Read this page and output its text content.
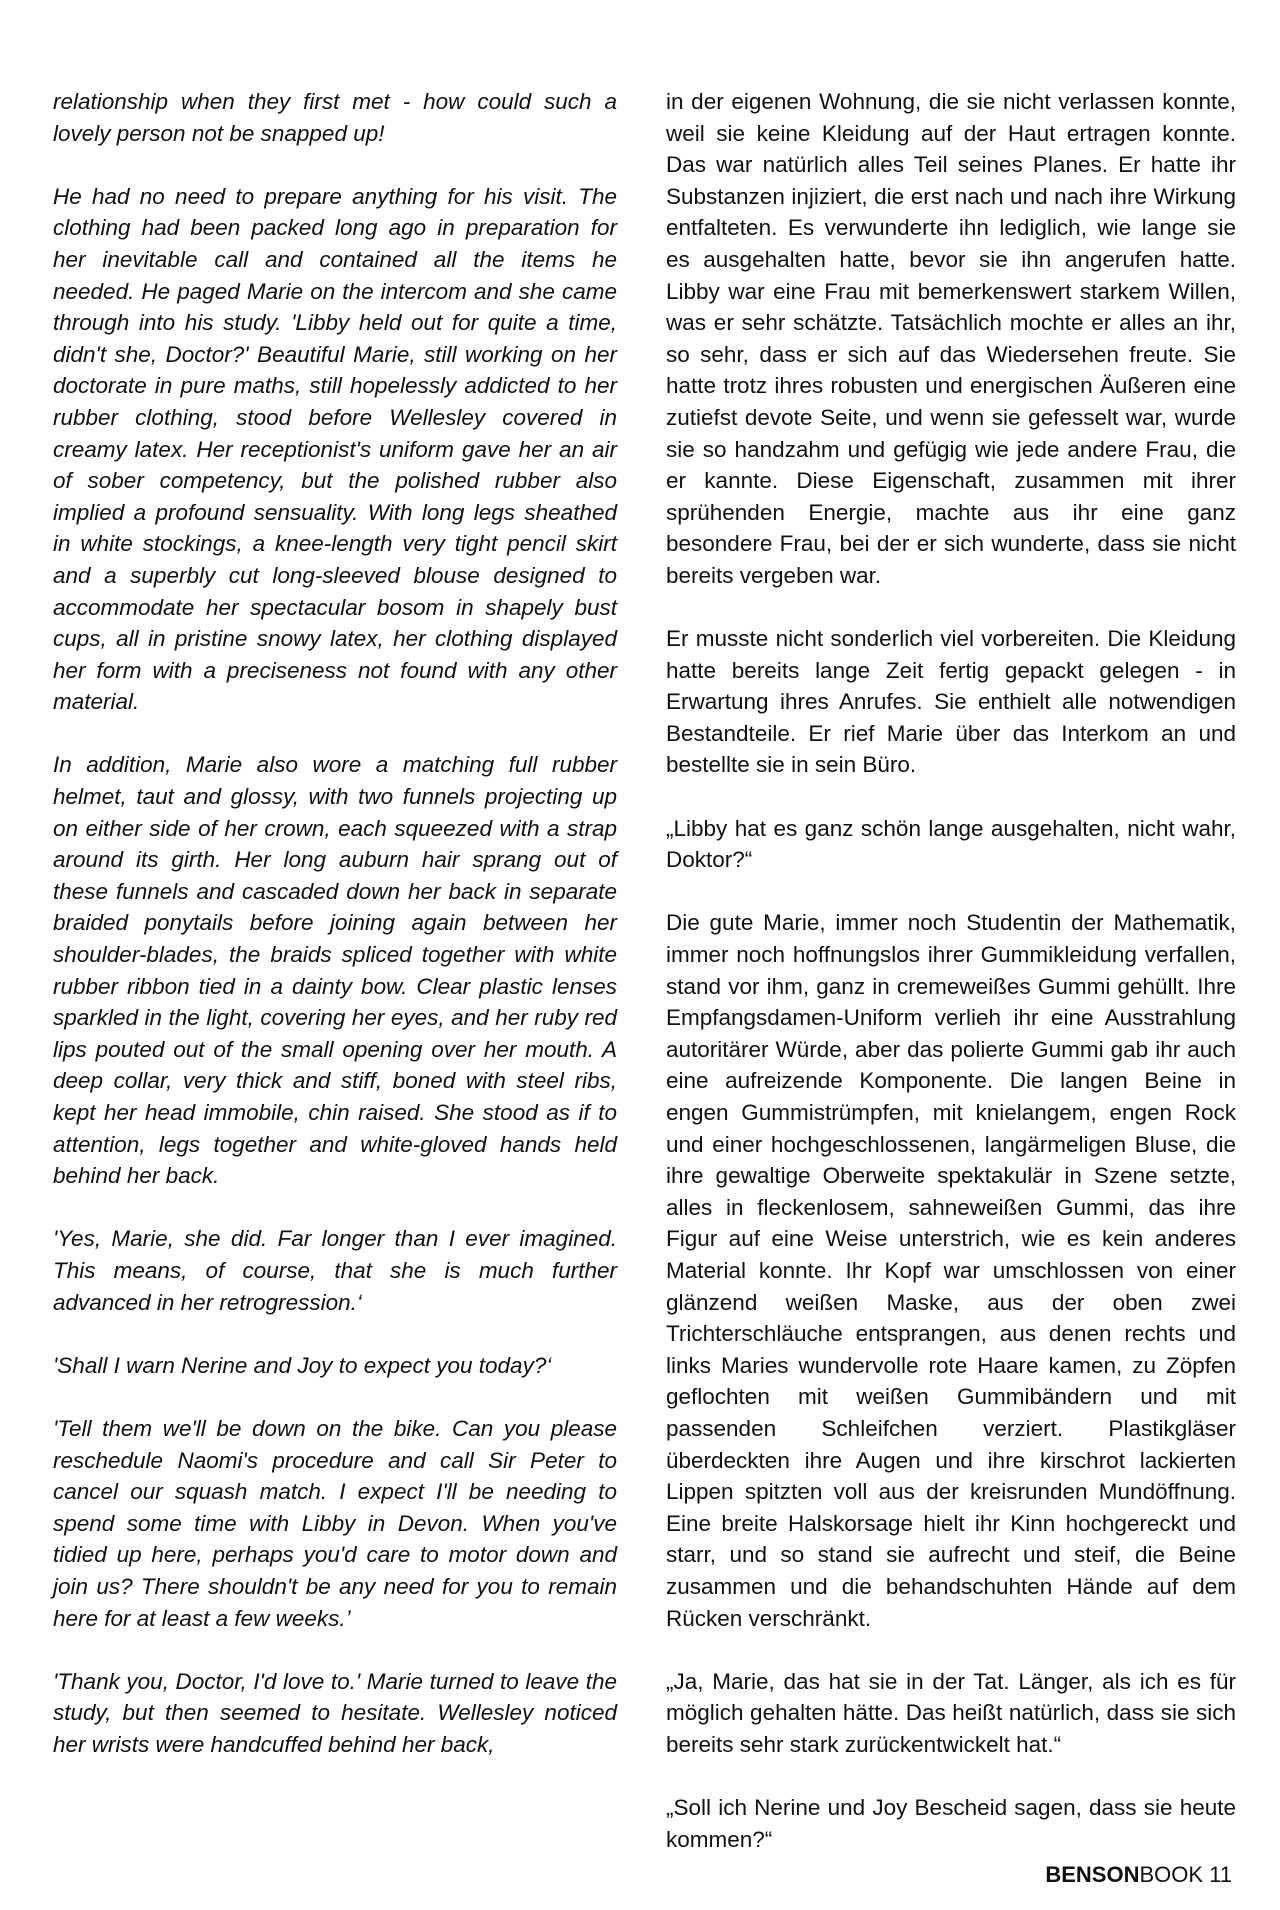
relationship when they first met - how could such a lovely person not be snapped up!

He had no need to prepare anything for his visit. The clothing had been packed long ago in preparation for her inevitable call and contained all the items he needed. He paged Marie on the intercom and she came through into his study. 'Libby held out for quite a time, didn't she, Doctor?' Beautiful Marie, still working on her doctorate in pure maths, still hopelessly addicted to her rubber clothing, stood before Wellesley covered in creamy latex. Her receptionist's uniform gave her an air of sober competency, but the polished rubber also implied a profound sensuality. With long legs sheathed in white stockings, a knee-length very tight pencil skirt and a superbly cut long-sleeved blouse designed to accommodate her spectacular bosom in shapely bust cups, all in pristine snowy latex, her clothing displayed her form with a preciseness not found with any other material.

In addition, Marie also wore a matching full rubber helmet, taut and glossy, with two funnels projecting up on either side of her crown, each squeezed with a strap around its girth. Her long auburn hair sprang out of these funnels and cascaded down her back in separate braided ponytails before joining again between her shoulder-blades, the braids spliced together with white rubber ribbon tied in a dainty bow. Clear plastic lenses sparkled in the light, covering her eyes, and her ruby red lips pouted out of the small opening over her mouth. A deep collar, very thick and stiff, boned with steel ribs, kept her head immobile, chin raised. She stood as if to attention, legs together and white-gloved hands held behind her back.

'Yes, Marie, she did. Far longer than I ever imagined. This means, of course, that she is much further advanced in her retrogression.‘

'Shall I warn Nerine and Joy to expect you today?‘

'Tell them we'll be down on the bike. Can you please reschedule Naomi's procedure and call Sir Peter to cancel our squash match. I expect I'll be needing to spend some time with Libby in Devon. When you've tidied up here, perhaps you'd care to motor down and join us? There shouldn't be any need for you to remain here for at least a few weeks.’

'Thank you, Doctor, I'd love to.' Marie turned to leave the study, but then seemed to hesitate. Wellesley noticed her wrists were handcuffed behind her back,

in der eigenen Wohnung, die sie nicht verlassen konnte, weil sie keine Kleidung auf der Haut ertragen konnte. Das war natürlich alles Teil seines Planes. Er hatte ihr Substanzen injiziert, die erst nach und nach ihre Wirkung entfalteten. Es verwunderte ihn lediglich, wie lange sie es ausgehalten hatte, bevor sie ihn angerufen hatte. Libby war eine Frau mit bemerkenswert starkem Willen, was er sehr schätzte. Tatsächlich mochte er alles an ihr, so sehr, dass er sich auf das Wiedersehen freute. Sie hatte trotz ihres robusten und energischen Äußeren eine zutiefst devote Seite, und wenn sie gefesselt war, wurde sie so handzahm und gefügig wie jede andere Frau, die er kannte. Diese Eigenschaft, zusammen mit ihrer sprühenden Energie, machte aus ihr eine ganz besondere Frau, bei der er sich wunderte, dass sie nicht bereits vergeben war.

Er musste nicht sonderlich viel vorbereiten. Die Kleidung hatte bereits lange Zeit fertig gepackt gelegen - in Erwartung ihres Anrufes. Sie enthielt alle notwendigen Bestandteile. Er rief Marie über das Interkom an und bestellte sie in sein Büro.

„Libby hat es ganz schön lange ausgehalten, nicht wahr, Doktor?“

Die gute Marie, immer noch Studentin der Mathematik, immer noch hoffnungslos ihrer Gummikleidung verfallen, stand vor ihm, ganz in cremeweißes Gummi gehüllt. Ihre Empfangsdamen-Uniform verlieh ihr eine Ausstrahlung autoritärer Würde, aber das polierte Gummi gab ihr auch eine aufreizende Komponente. Die langen Beine in engen Gummistrümpfen, mit knielangem, engen Rock und einer hochgeschlossenen, langärmeligen Bluse, die ihre gewaltige Oberweite spektakulär in Szene setzte, alles in fleckenlosem, sahneweißen Gummi, das ihre Figur auf eine Weise unterstrich, wie es kein anderes Material konnte. Ihr Kopf war umschlossen von einer glänzend weißen Maske, aus der oben zwei Trichterschläuche entsprangen, aus denen rechts und links Maries wundervolle rote Haare kamen, zu Zöpfen geflochten mit weißen Gummibändern und mit passenden Schleifchen verziert. Plastikgläser überdeckten ihre Augen und ihre kirschrot lackierten Lippen spitzten voll aus der kreisrunden Mundöffnung. Eine breite Halskorsage hielt ihr Kinn hochgereckt und starr, und so stand sie aufrecht und steif, die Beine zusammen und die behandschuhten Hände auf dem Rücken verschränkt.

„Ja, Marie, das hat sie in der Tat. Länger, als ich es für möglich gehalten hätte. Das heißt natürlich, dass sie sich bereits sehr stark zurückentwickelt hat.“

„Soll ich Nerine und Joy Bescheid sagen, dass sie heute kommen?“

BENSONBOOK 11
